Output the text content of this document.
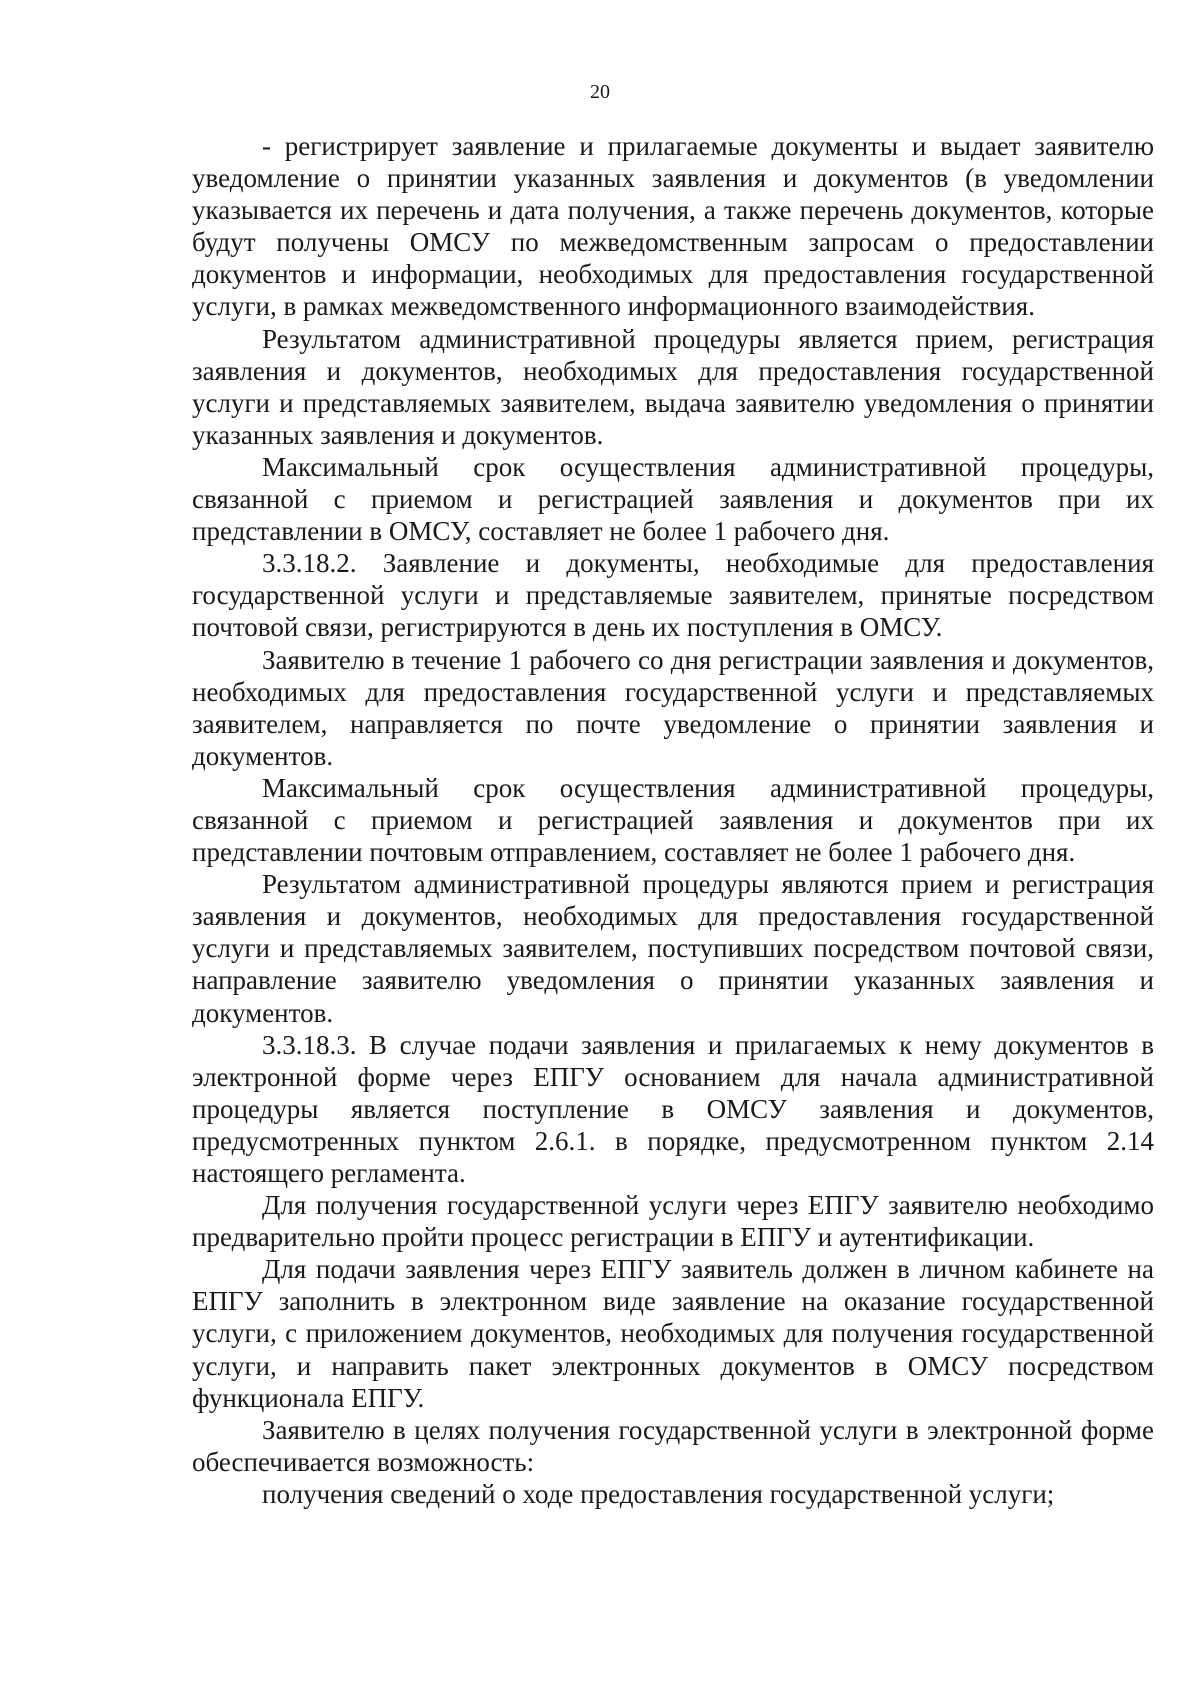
20

- регистрирует заявление и прилагаемые документы и выдает заявителю уведомление о принятии указанных заявления и документов (в уведомлении указывается их перечень и дата получения, а также перечень документов, которые будут получены ОМСУ по межведомственным запросам о предоставлении документов и информации, необходимых для предоставления государственной услуги, в рамках межведомственного информационного взаимодействия.

Результатом административной процедуры является прием, регистрация заявления и документов, необходимых для предоставления государственной услуги и представляемых заявителем, выдача заявителю уведомления о принятии указанных заявления и документов.

Максимальный срок осуществления административной процедуры, связанной с приемом и регистрацией заявления и документов при их представлении в ОМСУ, составляет не более 1 рабочего дня.

3.3.18.2. Заявление и документы, необходимые для предоставления государственной услуги и представляемые заявителем, принятые посредством почтовой связи, регистрируются в день их поступления в ОМСУ.

Заявителю в течение 1 рабочего со дня регистрации заявления и документов, необходимых для предоставления государственной услуги и представляемых заявителем, направляется по почте уведомление о принятии заявления и документов.

Максимальный срок осуществления административной процедуры, связанной с приемом и регистрацией заявления и документов при их представлении почтовым отправлением, составляет не более 1 рабочего дня.

Результатом административной процедуры являются прием и регистрация заявления и документов, необходимых для предоставления государственной услуги и представляемых заявителем, поступивших посредством почтовой связи, направление заявителю уведомления о принятии указанных заявления и документов.

3.3.18.3. В случае подачи заявления и прилагаемых к нему документов в электронной форме через ЕПГУ основанием для начала административной процедуры является поступление в ОМСУ заявления и документов, предусмотренных пунктом 2.6.1. в порядке, предусмотренном пунктом 2.14 настоящего регламента.

Для получения государственной услуги через ЕПГУ заявителю необходимо предварительно пройти процесс регистрации в ЕПГУ и аутентификации.

Для подачи заявления через ЕПГУ заявитель должен в личном кабинете на ЕПГУ заполнить в электронном виде заявление на оказание государственной услуги, с приложением документов, необходимых для получения государственной услуги, и направить пакет электронных документов в ОМСУ посредством функционала ЕПГУ.

Заявителю в целях получения государственной услуги в электронной форме обеспечивается возможность:

получения сведений о ходе предоставления государственной услуги;
